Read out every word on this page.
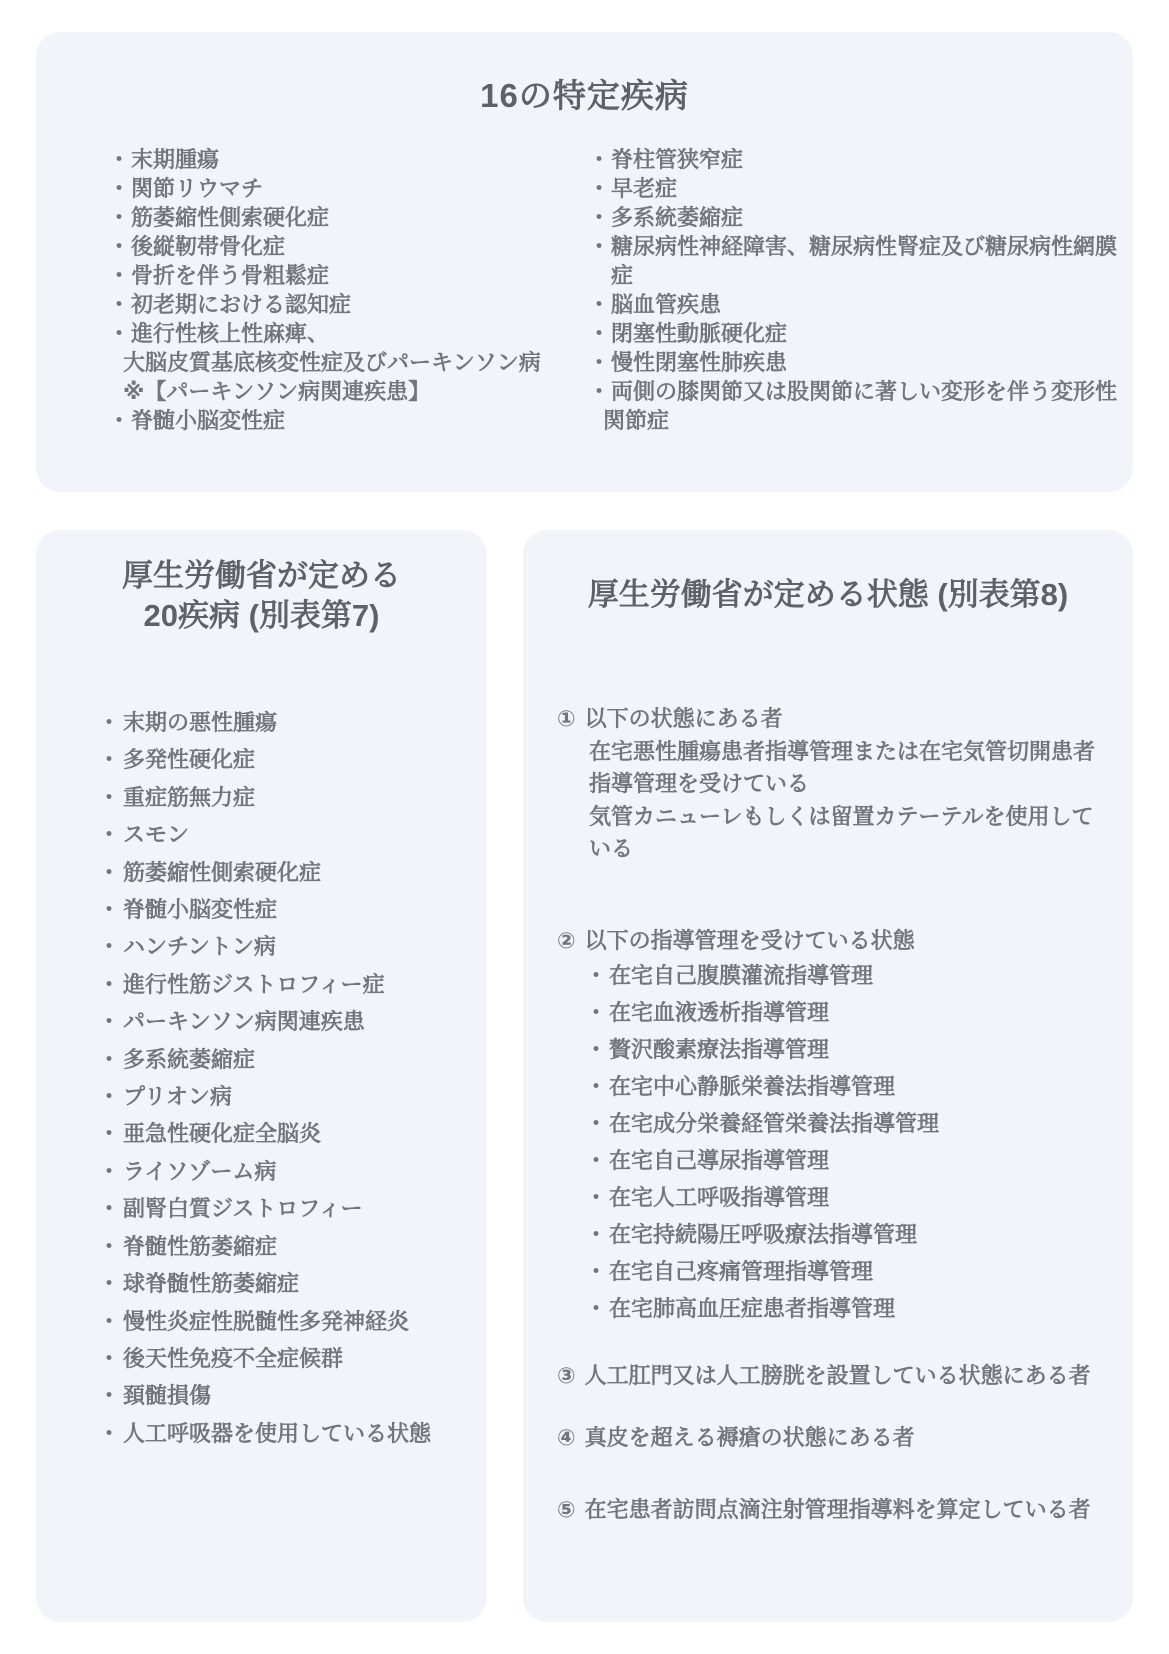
16の特定疾病
・ 末期腫瘍
・ 関節リウマチ
・ 筋萎縮性側索硬化症
・ 後縦靭帯骨化症
・ 骨折を伴う骨粗鬆症
・ 初老期における認知症
・ 進行性核上性麻痺、
大脳皮質基底核変性症及びパーキンソン病
※【パーキンソン病関連疾患】
・ 脊髄小脳変性症
・ 脊柱管狭窄症
・ 早老症
・ 多系統萎縮症
・ 糖尿病性神経障害、糖尿病性腎症及び糖尿病性網膜症
・ 脳血管疾患
・ 閉塞性動脈硬化症
・ 慢性閉塞性肺疾患
・ 両側の膝関節又は股関節に著しい変形を伴う変形性
関節症
厚生労働省が定める
20疾病 (別表第7)
・ 末期の悪性腫瘍
・ 多発性硬化症
・ 重症筋無力症
・ スモン
・ 筋萎縮性側索硬化症
・ 脊髄小脳変性症
・ ハンチントン病
・ 進行性筋ジストロフィー症
・ パーキンソン病関連疾患
・ 多系統萎縮症
・ プリオン病
・ 亜急性硬化症全脳炎
・ ライソゾーム病
・ 副腎白質ジストロフィー
・ 脊髄性筋萎縮症
・ 球脊髄性筋萎縮症
・ 慢性炎症性脱髄性多発神経炎
・ 後天性免疫不全症候群
・ 頚髄損傷
・ 人工呼吸器を使用している状態
厚生労働省が定める状態 (別表第8)
① 以下の状態にある者
在宅悪性腫瘍患者指導管理または在宅気管切開患者
指導管理を受けている
気管カニューレもしくは留置カテーテルを使用して
いる
② 以下の指導管理を受けている状態
・ 在宅自己腹膜灌流指導管理
・ 在宅血液透析指導管理
・ 贅沢酸素療法指導管理
・ 在宅中心静脈栄養法指導管理
・ 在宅成分栄養経管栄養法指導管理
・ 在宅自己導尿指導管理
・ 在宅人工呼吸指導管理
・ 在宅持続陽圧呼吸療法指導管理
・ 在宅自己疼痛管理指導管理
・ 在宅肺高血圧症患者指導管理
③ 人工肛門又は人工膀胱を設置している状態にある者
④ 真皮を超える褥瘡の状態にある者
⑤ 在宅患者訪問点滴注射管理指導料を算定している者
